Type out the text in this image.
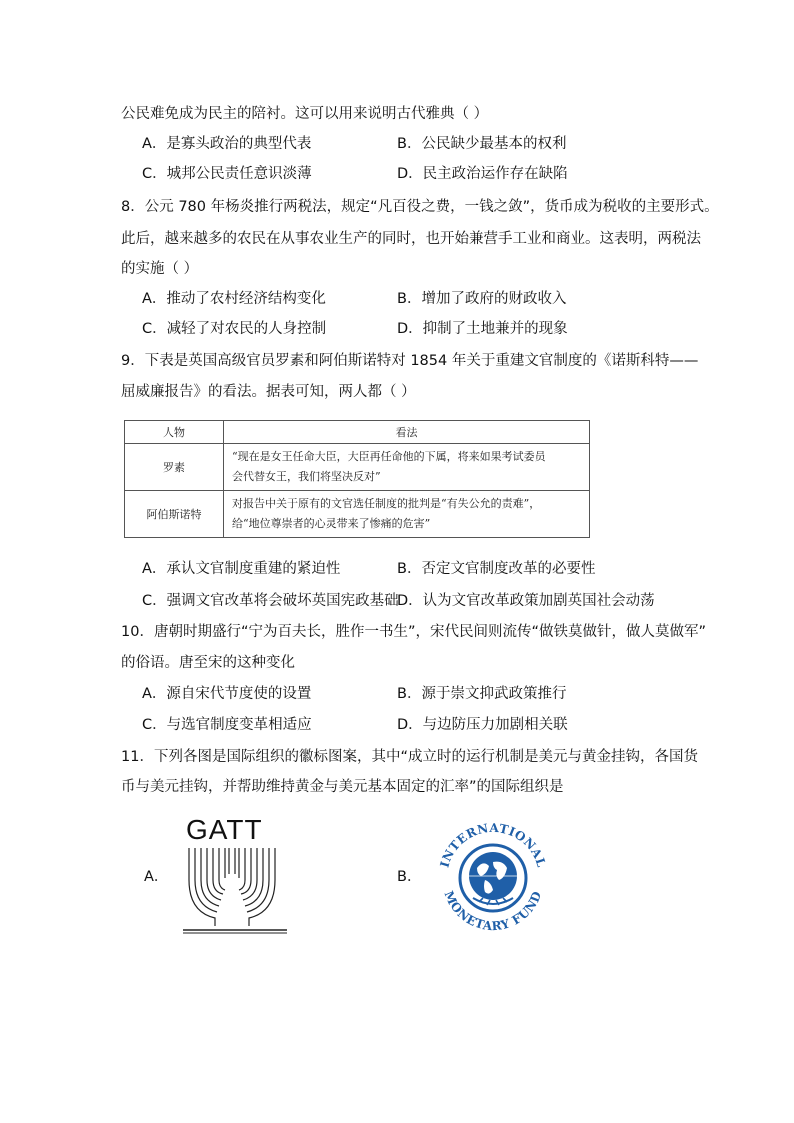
公民难免成为民主的陪衬。这可以用来说明古代雅典（ ）
A．是寡头政治的典型代表	B．公民缺少最基本的权利
C．城邦公民责任意识淡薄	D．民主政治运作存在缺陷
8．公元 780 年杨炎推行两税法，规定“凡百役之费，一钱之敛”，货币成为税收的主要形式。
此后，越来越多的农民在从事农业生产的同时，也开始兼营手工业和商业。这表明，两税法
的实施（ ）
A．推动了农村经济结构变化	B．增加了政府的财政收入
C．减轻了对农民的人身控制	D．抑制了土地兼并的现象
9．下表是英国高级官员罗素和阿伯斯诺特对 1854 年关于重建文官制度的《诺斯科特——
屈威廉报告》的看法。据表可知，两人都（ ）
人物	看法
罗素	“现在是女王任命大臣，大臣再任命他的下属，将来如果考试委员
会代替女王，我们将坚决反对”

阿伯斯诺特	对报告中关于原有的文官选任制度的批判是“有失公允的责难”，
给“地位尊崇者的心灵带来了惨痛的危害”
A．承认文官制度重建的紧迫性	B．否定文官制度改革的必要性
C．强调文官改革将会破坏英国宪政基础
D．认为文官改革政策加剧英国社会动荡
10．唐朝时期盛行“宁为百夫长，胜作一书生”，宋代民间则流传“做铁莫做针，做人莫做军”
的俗语。唐至宋的这种变化
A．源自宋代节度使的设置	B．源于崇文抑武政策推行
C．与选官制度变革相适应	D．与边防压力加剧相关联
11．下列各图是国际组织的徽标图案，其中“成立时的运行机制是美元与黄金挂钩，各国货
币与美元挂钩，并帮助维持黄金与美元基本固定的汇率”的国际组织是
A．	B．
GATT
INTERNATIONAL
MONETARY FUND
